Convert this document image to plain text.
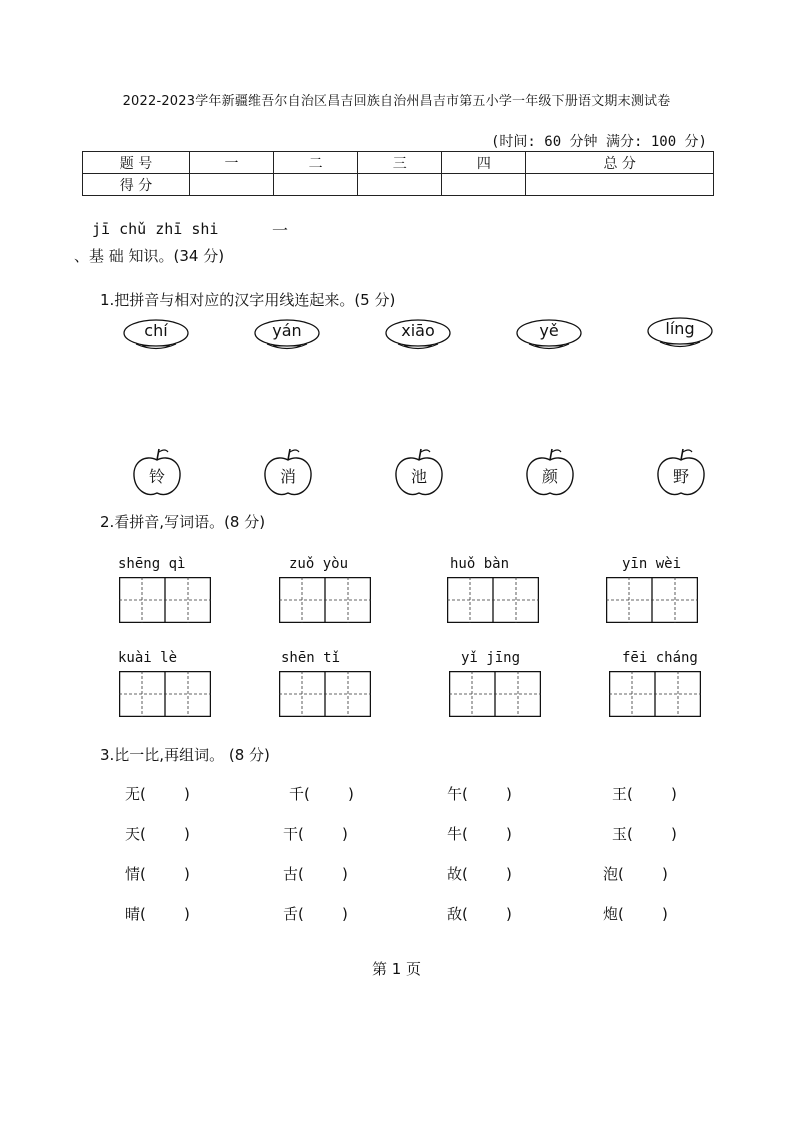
2022-2023学年新疆维吾尔自治区昌吉回族自治州昌吉市第五小学一年级下册语文期末测试卷
(时间: 60 分钟 满分: 100 分)
题 号	一	二	三	四	总 分
得 分					
jī chǔ zhī shi	一
、基 础 知识。(34 分)
1.把拼音与相对应的汉字用线连起来。(5 分)
chí	yán	xiāo	yě	líng
铃	消	池	颜	野
2.看拼音,写词语。(8 分)
shēng qì	zuǒ yòu	huǒ bàn	yīn wèi
kuài lè	shēn tǐ	yǐ jīng	fēi cháng
3.比一比,再组词。 (8 分)
无(        )	千(        )	午(        )	王(        )
天(        )	干(        )	牛(        )	玉(        )
情(        )	古(        )	故(        )	泡(        )
晴(        )	舌(        )	敌(        )	炮(        )
第 1 页
